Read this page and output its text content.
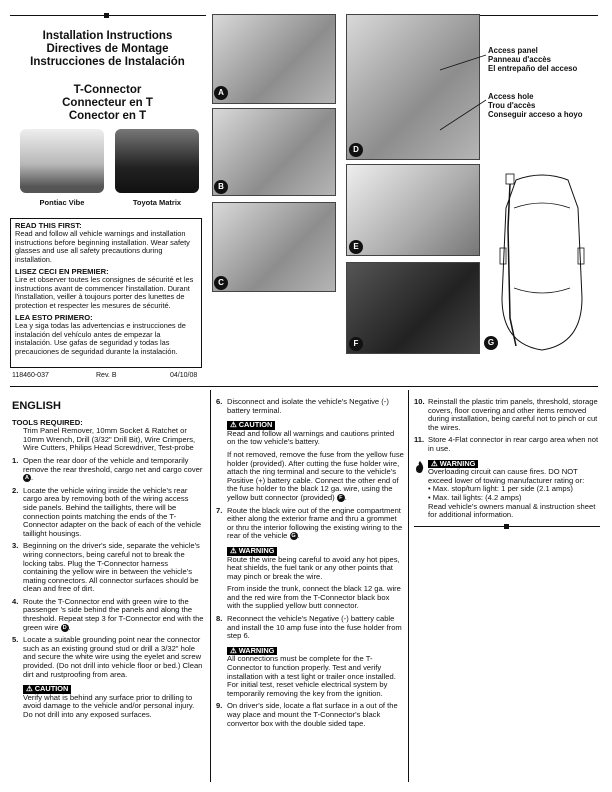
Installation Instructions
Directives de Montage
Instrucciones de Instalación
T-Connector
Connecteur en T
Conector en T
Pontiac Vibe	Toyota Matrix

READ THIS FIRST:
Read and follow all vehicle warnings and installation instructions before beginning installation. Wear safety glasses and use all safety precautions during installation.

LISEZ CECI EN PREMIER:
Lire et observer toutes les consignes de sécurité et les instructions avant de commencer l'installation. Durant l'installation, veiller à toujours porter des lunettes de protection et respecter les mesures de sécurité.

LEA ESTO PRIMERO:
Lea y siga todas las advertencias e instrucciones de instalación del vehículo antes de empezar la instalación. Use gafas de seguridad y todas las precauciones de seguridad durante la instalación.

118460-037	Rev. B	04/10/08
A
B
C
D
E
F
Access panel
Panneau d'accès
El entrepaño del acceso
Access hole
Trou d'accès
Conseguir acceso a hoyo
G
ENGLISH
TOOLS REQUIRED:

Trim Panel Remover, 10mm Socket & Ratchet or 10mm Wrench, Drill (3/32" Drill Bit), Wire Crimpers, Wire Cutters, Philips Head Screwdriver, Test-probe

1. Open the rear door of the vehicle and temporarily remove the rear threshold, cargo net and cargo cover A .
2. Locate the vehicle wiring inside the vehicle's rear cargo area by removing both of the wiring access side panels. Behind the taillights, there will be connection points matching the ends of the T-Connector adapter on the back of each of the vehicle taillight housings.
3. Beginning on the driver's side, separate the vehicle's wiring connectors, being careful not to break the locking tabs. Plug the T-Connector harness containing the yellow wire in between the vehicle's mating connectors. All connector surfaces should be clean and free of dirt.
4. Route the T-Connector end with green wire to the passenger 's side behind the panels and along the threshold. Repeat step 3 for T-Connector end with the green wire D .
5. Locate a suitable grounding point near the connector such as an existing ground stud or drill a 3/32" hole and secure the white wire using the eyelet and screw provided. (Do not drill into vehicle floor or bed.) Clean dirt and rustproofing from area.
⚠ CAUTION

Verify what is behind any surface prior to drilling to avoid damage to the vehicle and/or personal injury. Do not drill into any exposed surfaces.

6. Disconnect and isolate the vehicle's Negative (-) battery terminal.
⚠ CAUTION

Read and follow all warnings and cautions printed on the tow vehicle's battery.

If not removed, remove the fuse from the yellow fuse holder (provided). After cutting the fuse holder wire, attach the ring terminal and secure to the vehicle's Positive (+) battery cable. Connect the other end of the fuse holder to the black 12 ga. wire, using the yellow butt connector (provided) F .

7. Route the black wire out of the engine compartment either along the exterior frame and thru a grommet or thru the interior following the existing wiring to the rear of the vehicle G .
⚠ WARNING

Route the wire being careful to avoid any hot pipes, heat shields, the fuel tank or any other points that may pinch or break the wire.

From inside the trunk, connect the black 12 ga. wire and the red wire from the T-Connector black box with the supplied yellow butt connector.

8. Reconnect the vehicle's Negative (-) battery cable and install the 10 amp fuse into the fuse holder from step 6.
⚠ WARNING

All connections must be complete for the T-Connector to function properly. Test and verify installation with a test light or trailer once installed. For initial test, reset vehicle electrical system by temporarily removing the key from the ignition.

9. On driver's side, locate a flat surface in a out of the way place and mount the T-Connector's black convertor box with the double sided tape.
10. Reinstall the plastic trim panels, threshold, storage covers, floor covering and other items removed during installation, being careful not to pinch or cut the wires.
11. Store 4-Flat connector in rear cargo area when not in use.
⚠ WARNING

Overloading circuit can cause fires. DO NOT exceed lower of towing manufacturer rating or:

• Max. stop/turn light: 1 per side (2.1 amps)

• Max. tail lights: (4.2 amps)

Read vehicle's owners manual & instruction sheet for additional information.
